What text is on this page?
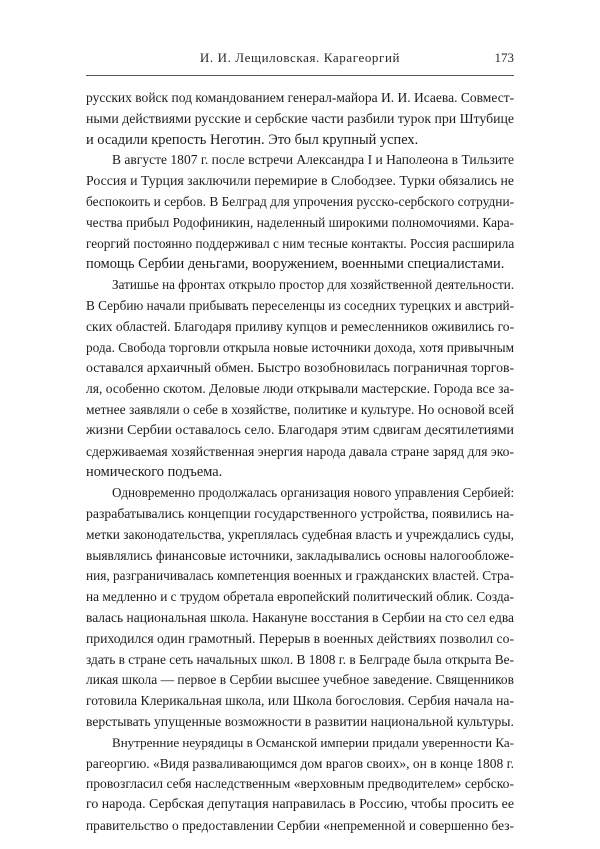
И. И. Лещиловская. Карагеоргий	173
русских войск под командованием генерал-майора И. И. Исаева. Совмест-
ными действиями русские и сербские части разбили турок при Штубице
и осадили крепость Неготин. Это был крупный успех.
В августе 1807 г. после встречи Александра I и Наполеона в Тильзите
Россия и Турция заключили перемирие в Слободзее. Турки обязались не
беспокоить и сербов. В Белград для упрочения русско-сербского сотрудни-
чества прибыл Родофиникин, наделенный широкими полномочиями. Кара-
георгий постоянно поддерживал с ним тесные контакты. Россия расширила
помощь Сербии деньгами, вооружением, военными специалистами.
Затишье на фронтах открыло простор для хозяйственной деятельности.
В Сербию начали прибывать переселенцы из соседних турецких и австрий-
ских областей. Благодаря приливу купцов и ремесленников оживились го-
рода. Свобода торговли открыла новые источники дохода, хотя привычным
оставался архаичный обмен. Быстро возобновилась пограничная торгов-
ля, особенно скотом. Деловые люди открывали мастерские. Города все за-
метнее заявляли о себе в хозяйстве, политике и культуре. Но основой всей
жизни Сербии оставалось село. Благодаря этим сдвигам десятилетиями
сдерживаемая хозяйственная энергия народа давала стране заряд для эко-
номического подъема.
Одновременно продолжалась организация нового управления Сербией:
разрабатывались концепции государственного устройства, появились на-
метки законодательства, укреплялась судебная власть и учреждались суды,
выявлялись финансовые источники, закладывались основы налогообложе-
ния, разграничивалась компетенция военных и гражданских властей. Стра-
на медленно и с трудом обретала европейский политический облик. Созда-
валась национальная школа. Накануне восстания в Сербии на сто сел едва
приходился один грамотный. Перерыв в военных действиях позволил со-
здать в стране сеть начальных школ. В 1808 г. в Белграде была открыта Ве-
ликая школа — первое в Сербии высшее учебное заведение. Священников
готовила Клерикальная школа, или Школа богословия. Сербия начала на-
верстывать упущенные возможности в развитии национальной культуры.
Внутренние неурядицы в Османской империи придали уверенности Ка-
рагеоргию. «Видя разваливающимся дом врагов своих», он в конце 1808 г.
провозгласил себя наследственным «верховным предводителем» сербско-
го народа. Сербская депутация направилась в Россию, чтобы просить ее
правительство о предоставлении Сербии «непременной и совершенно без-
